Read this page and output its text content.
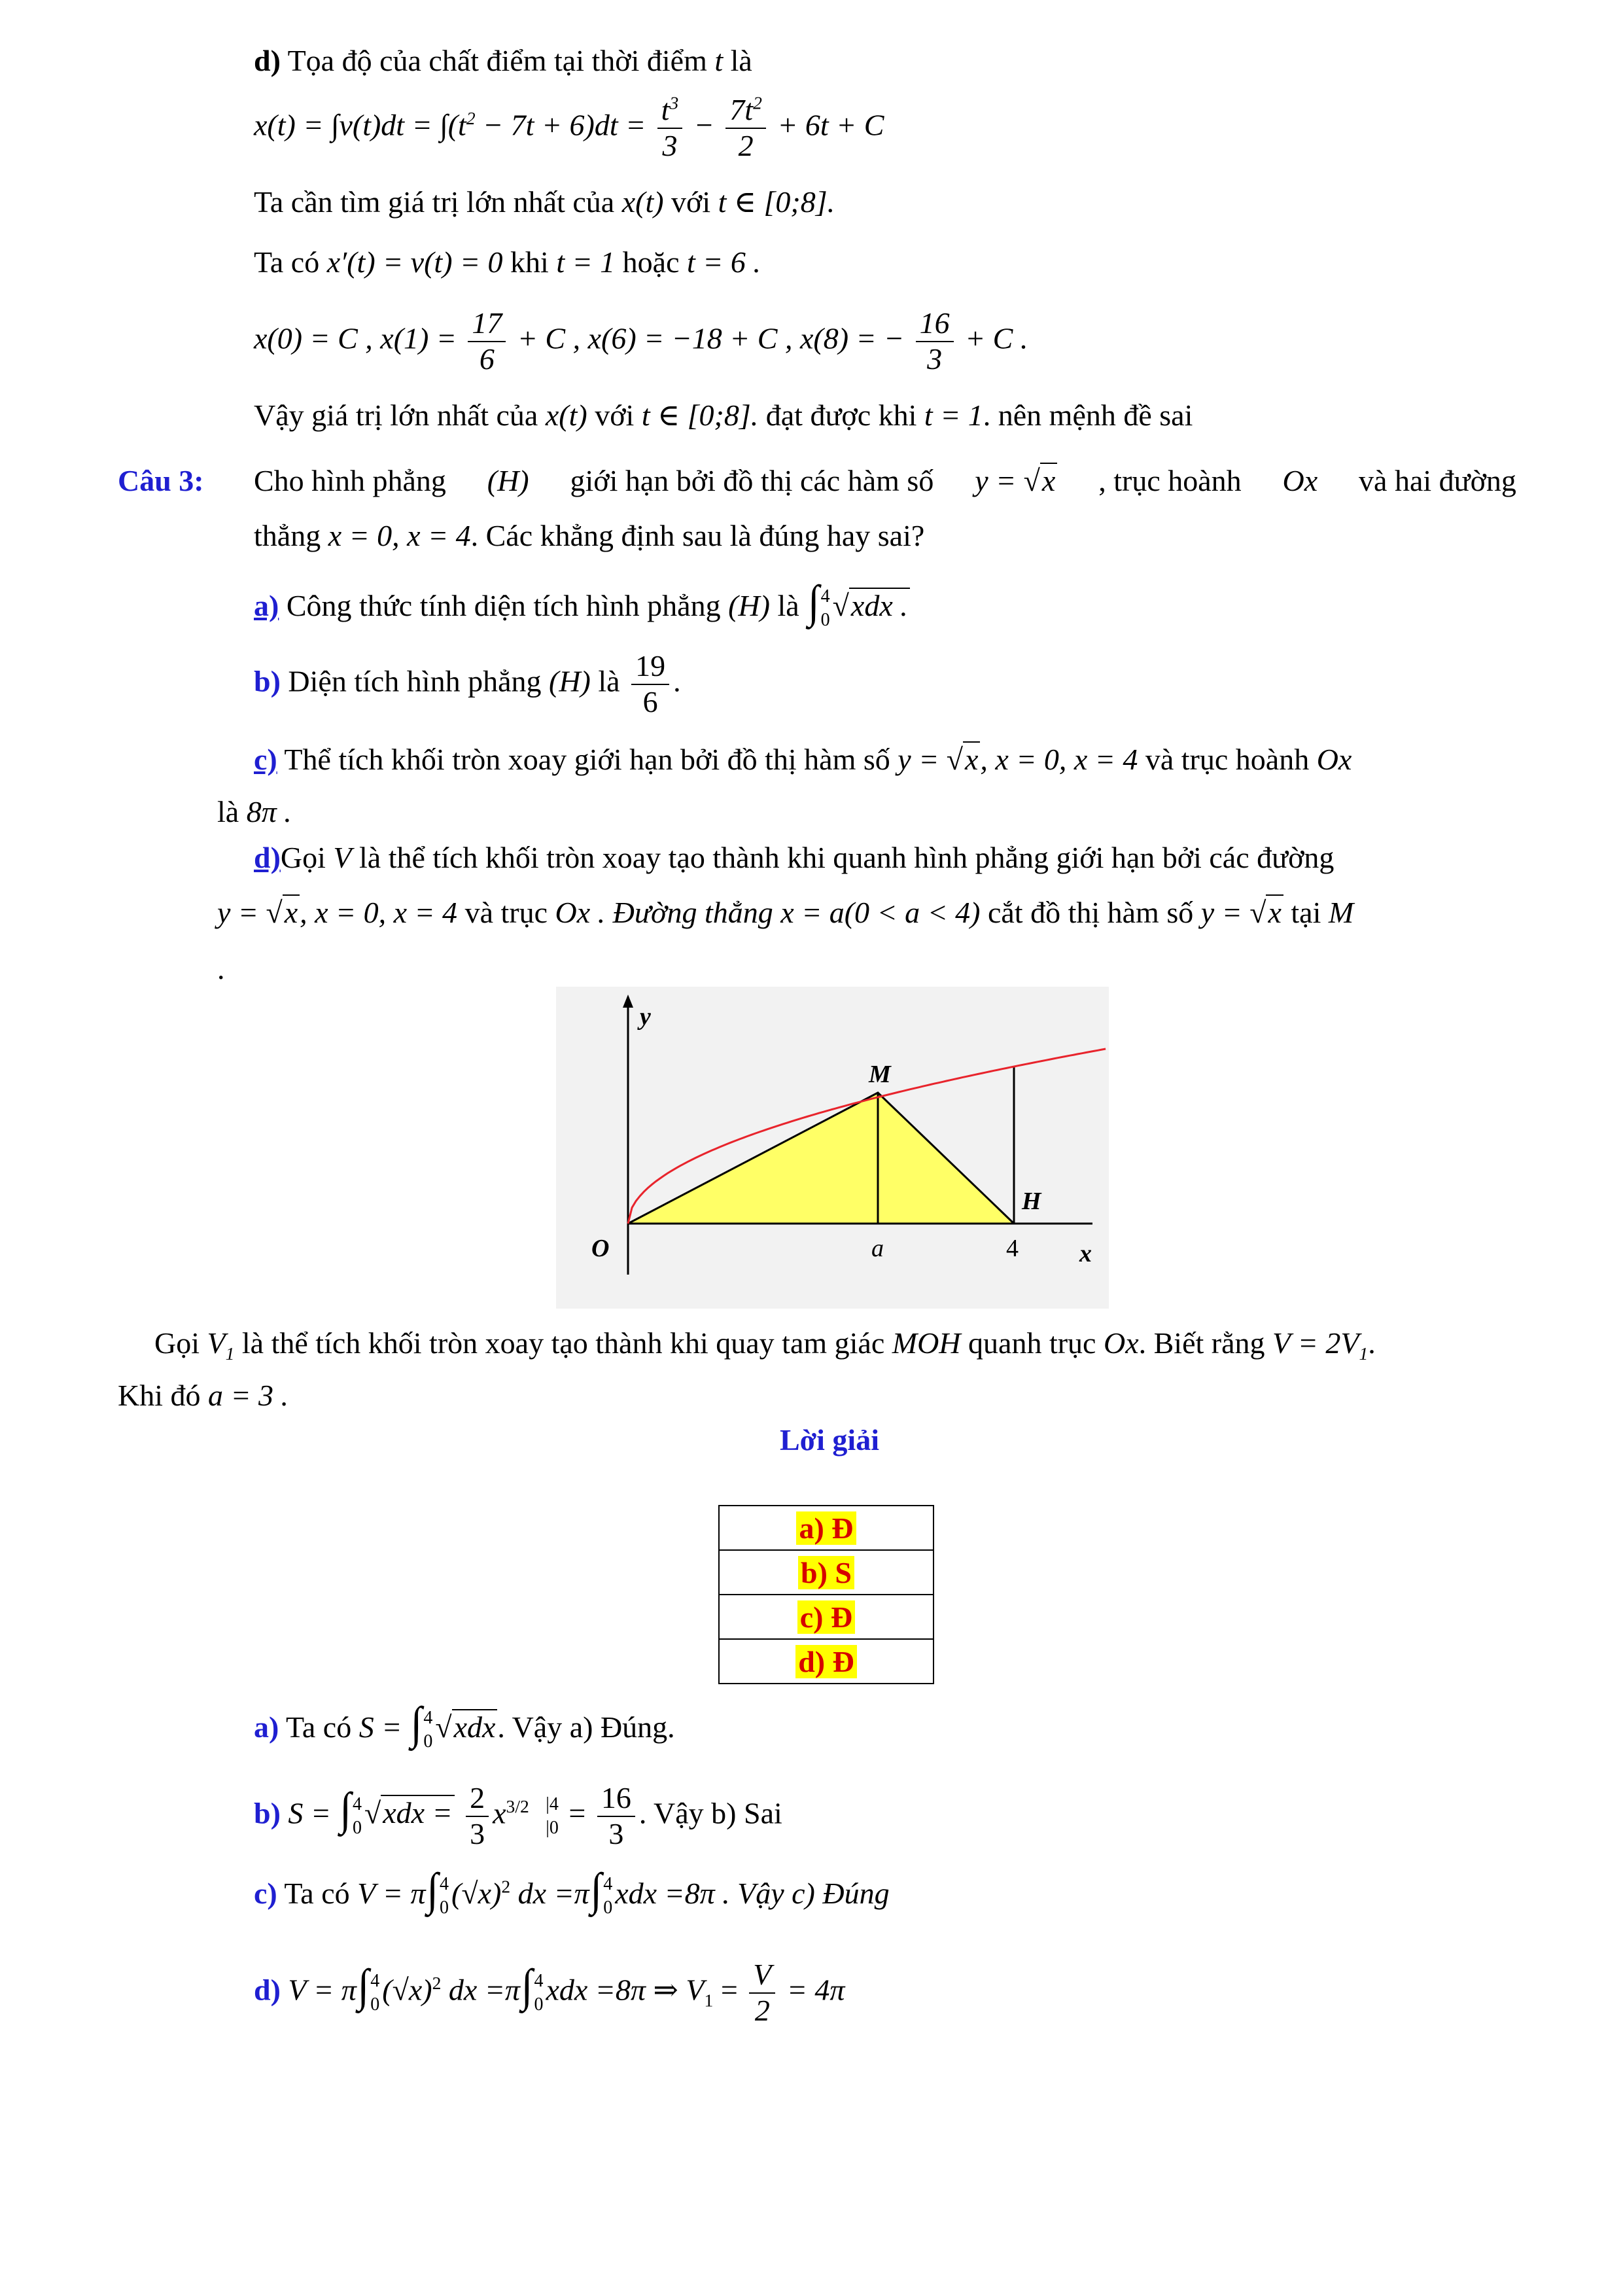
d) Tọa độ của chất điểm tại thời điểm t là
$x(t) = \int v(t)dt = \int(t^2 - 7t + 6)dt = \frac{t^3}{3} - \frac{7t^2}{2} + 6t + C$
Ta cần tìm giá trị lớn nhất của x(t) với t ∈ [0;8].
Ta có x′(t) = v(t) = 0 khi t = 1 hoặc t = 6 .
x(0) = C , $x(1) = \frac{17}{6} + C$ , x(6) = −18 + C , x(8) = − $\frac{16}{3} + C$ .
Vậy giá trị lớn nhất của x(t) với t ∈ [0;8]. đạt được khi t = 1. nên mệnh đề sai
Câu 3: Cho hình phẳng (H) giới hạn bởi đồ thị các hàm số y = √x , trục hoành Ox và hai đường
thẳng x = 0, x = 4. Các khẳng định sau là đúng hay sai?
a) Công thức tính diện tích hình phẳng (H) là ∫ 4
0 √xdx .
b) Diện tích hình phẳng (H) là $\frac{19}{6}$ .
c) Thể tích khối tròn xoay giới hạn bởi đồ thị hàm số y = √x, x = 0, x = 4 và trục hoành Ox
là 8π .
d)Gọi V là thể tích khối tròn xoay tạo thành khi quanh hình phẳng giới hạn bởi các đường
y = √x, x = 0, x = 4 và trục Ox . Đường thẳng x = a(0 < a < 4) cắt đồ thị hàm số y = √x tại M
.
y
x
O
M
H
a	4
Gọi $V_1$ là thể tích khối tròn xoay tạo thành khi quay tam giác MOH quanh trục Ox. Biết rằng $V = 2V_1$.
Khi đó a = 3 .
Lời giải
a) Đ
b) S
c) Đ
d) Đ
a) Ta có S = ∫ 4
0 √xdx. Vậy a) Đúng.
b) S = ∫ 4
0 $√xdx = \frac{2}{3} x^{3/2}$ |4
$|0 = \frac{16}{3}$ . Vậy b) Sai
c) Ta có V = π∫ 4
0 $(√x)^2$ dx =π∫ 4
0 xdx =8π . Vậy c) Đúng
d) V = π∫ 4
0 $(√x)^2$ dx =π∫ 4
0 xdx =8π ⇒ $V_1 = \frac{V}{2} = 4\pi$
